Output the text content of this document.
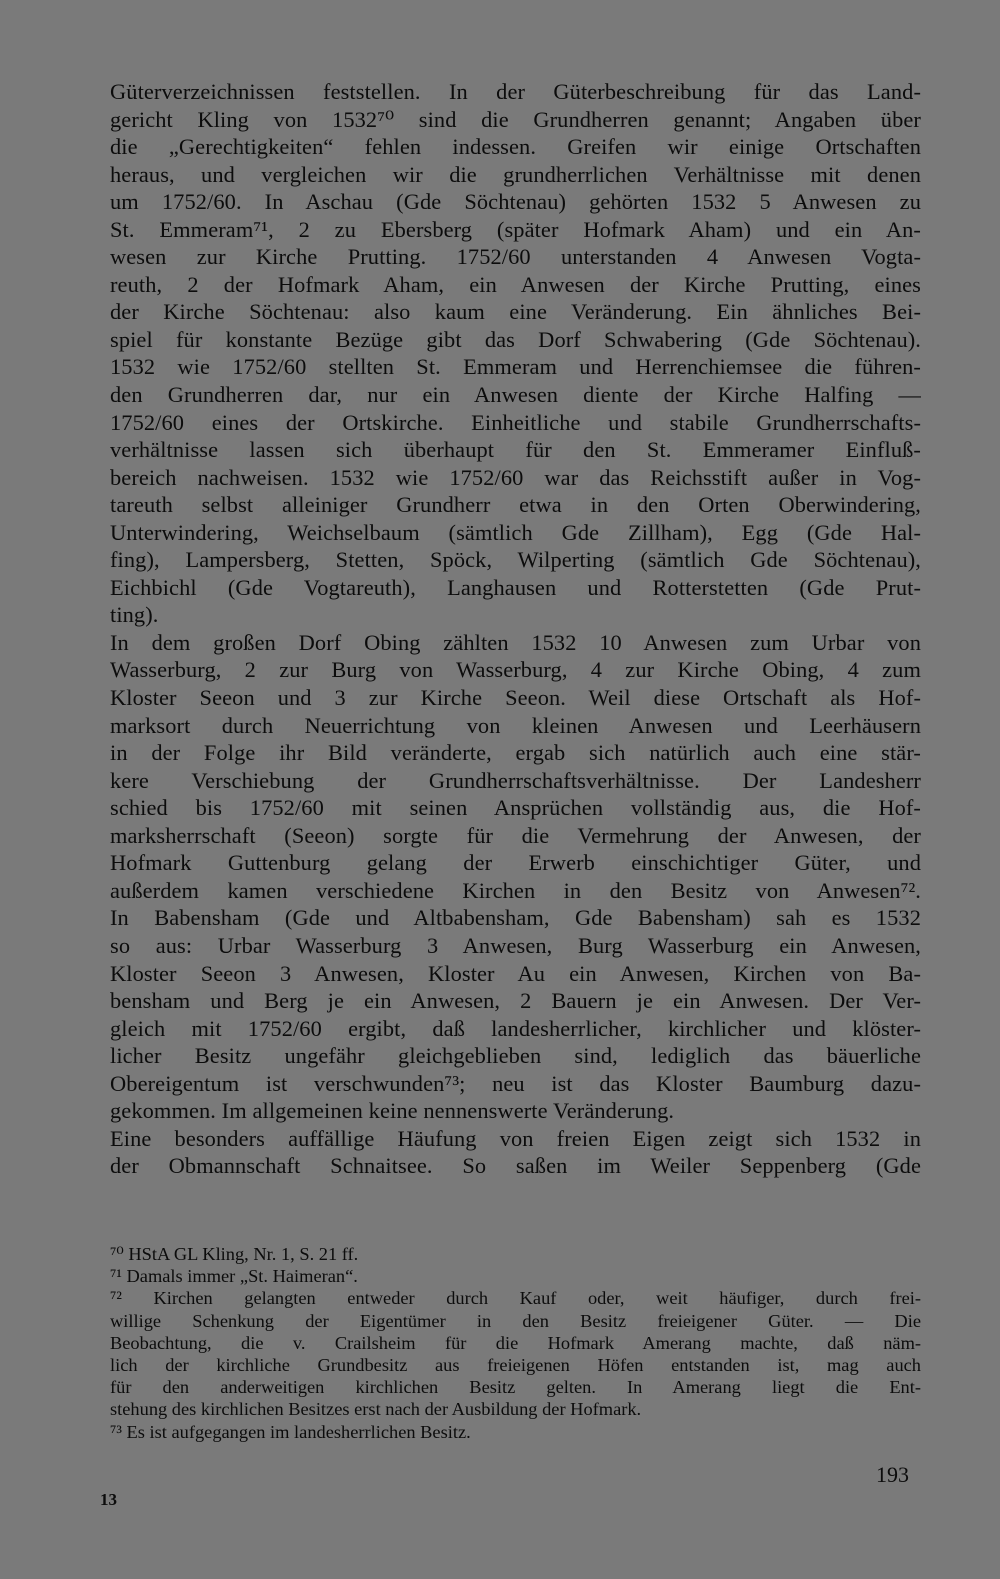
Güterverzeichnissen feststellen. In der Güterbeschreibung für das Land-
gericht Kling von 1532⁷⁰ sind die Grundherren genannt; Angaben über
die „Gerechtigkeiten“ fehlen indessen. Greifen wir einige Ortschaften
heraus, und vergleichen wir die grundherrlichen Verhältnisse mit denen
um 1752/60. In Aschau (Gde Söchtenau) gehörten 1532 5 Anwesen zu
St. Emmeram⁷¹, 2 zu Ebersberg (später Hofmark Aham) und ein An-
wesen zur Kirche Prutting. 1752/60 unterstanden 4 Anwesen Vogta-
reuth, 2 der Hofmark Aham, ein Anwesen der Kirche Prutting, eines
der Kirche Söchtenau: also kaum eine Veränderung. Ein ähnliches Bei-
spiel für konstante Bezüge gibt das Dorf Schwabering (Gde Söchtenau).
1532 wie 1752/60 stellten St. Emmeram und Herrenchiemsee die führen-
den Grundherren dar, nur ein Anwesen diente der Kirche Halfing —
1752/60 eines der Ortskirche. Einheitliche und stabile Grundherrschafts-
verhältnisse lassen sich überhaupt für den St. Emmeramer Einfluß-
bereich nachweisen. 1532 wie 1752/60 war das Reichsstift außer in Vog-
tareuth selbst alleiniger Grundherr etwa in den Orten Oberwindering,
Unterwindering, Weichselbaum (sämtlich Gde Zillham), Egg (Gde Hal-
fing), Lampersberg, Stetten, Spöck, Wilperting (sämtlich Gde Söchtenau),
Eichbichl (Gde Vogtareuth), Langhausen und Rotterstetten (Gde Prut-
ting).
In dem großen Dorf Obing zählten 1532 10 Anwesen zum Urbar von
Wasserburg, 2 zur Burg von Wasserburg, 4 zur Kirche Obing, 4 zum
Kloster Seeon und 3 zur Kirche Seeon. Weil diese Ortschaft als Hof-
marksort durch Neuerrichtung von kleinen Anwesen und Leerhäusern
in der Folge ihr Bild veränderte, ergab sich natürlich auch eine stär-
kere Verschiebung der Grundherrschaftsverhältnisse. Der Landesherr
schied bis 1752/60 mit seinen Ansprüchen vollständig aus, die Hof-
marksherrschaft (Seeon) sorgte für die Vermehrung der Anwesen, der
Hofmark Guttenburg gelang der Erwerb einschichtiger Güter, und
außerdem kamen verschiedene Kirchen in den Besitz von Anwesen⁷².
In Babensham (Gde und Altbabensham, Gde Babensham) sah es 1532
so aus: Urbar Wasserburg 3 Anwesen, Burg Wasserburg ein Anwesen,
Kloster Seeon 3 Anwesen, Kloster Au ein Anwesen, Kirchen von Ba-
bensham und Berg je ein Anwesen, 2 Bauern je ein Anwesen. Der Ver-
gleich mit 1752/60 ergibt, daß landesherrlicher, kirchlicher und klöster-
licher Besitz ungefähr gleichgeblieben sind, lediglich das bäuerliche
Obereigentum ist verschwunden⁷³; neu ist das Kloster Baumburg dazu-
gekommen. Im allgemeinen keine nennenswerte Veränderung.
Eine besonders auffällige Häufung von freien Eigen zeigt sich 1532 in
der Obmannschaft Schnaitsee. So saßen im Weiler Seppenberg (Gde
⁷⁰ HStA GL Kling, Nr. 1, S. 21 ff.
⁷¹ Damals immer „St. Haimeran“.
⁷² Kirchen gelangten entweder durch Kauf oder, weit häufiger, durch frei-
willige Schenkung der Eigentümer in den Besitz freieigener Güter. — Die
Beobachtung, die v. Crailsheim für die Hofmark Amerang machte, daß näm-
lich der kirchliche Grundbesitz aus freieigenen Höfen entstanden ist, mag auch
für den anderweitigen kirchlichen Besitz gelten. In Amerang liegt die Ent-
stehung des kirchlichen Besitzes erst nach der Ausbildung der Hofmark.
⁷³ Es ist aufgegangen im landesherrlichen Besitz.
193
13
